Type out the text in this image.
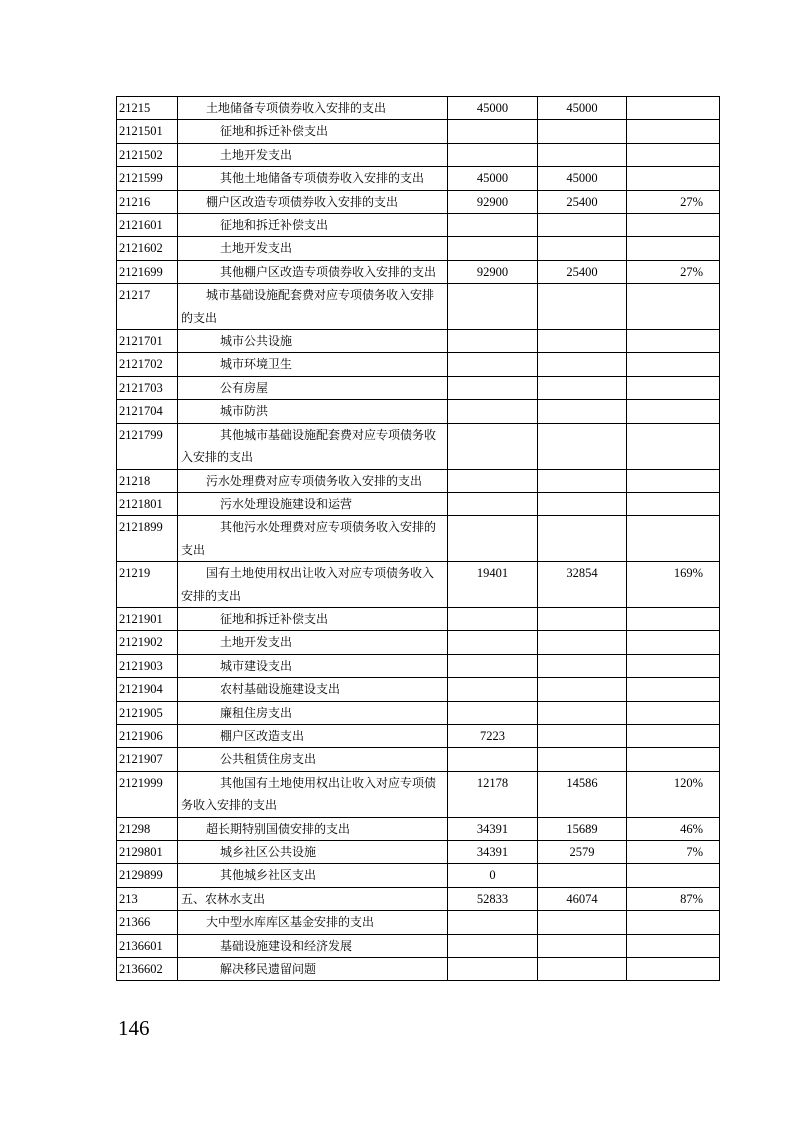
21215	土地储备专项债券收入安排的支出	45000	45000	
2121501	征地和拆迁补偿支出			
2121502	土地开发支出			
2121599	其他土地储备专项债券收入安排的支出	45000	45000	
21216	棚户区改造专项债券收入安排的支出	92900	25400	27%
2121601	征地和拆迁补偿支出			
2121602	土地开发支出			
2121699	其他棚户区改造专项债券收入安排的支出	92900	25400	27%
21217	城市基础设施配套费对应专项债务收入安排的支出			
2121701	城市公共设施			
2121702	城市环境卫生			
2121703	公有房屋			
2121704	城市防洪			
2121799	其他城市基础设施配套费对应专项债务收入安排的支出			
21218	污水处理费对应专项债务收入安排的支出			
2121801	污水处理设施建设和运营			
2121899	其他污水处理费对应专项债务收入安排的支出			
21219	国有土地使用权出让收入对应专项债务收入安排的支出	19401	32854	169%
2121901	征地和拆迁补偿支出			
2121902	土地开发支出			
2121903	城市建设支出			
2121904	农村基础设施建设支出			
2121905	廉租住房支出			
2121906	棚户区改造支出	7223		
2121907	公共租赁住房支出			
2121999	其他国有土地使用权出让收入对应专项债务收入安排的支出	12178	14586	120%
21298	超长期特别国债安排的支出	34391	15689	46%
2129801	城乡社区公共设施	34391	2579	7%
2129899	其他城乡社区支出	0		
213	五、农林水支出	52833	46074	87%
21366	大中型水库库区基金安排的支出			
2136601	基础设施建设和经济发展			
2136602	解决移民遗留问题			
146
